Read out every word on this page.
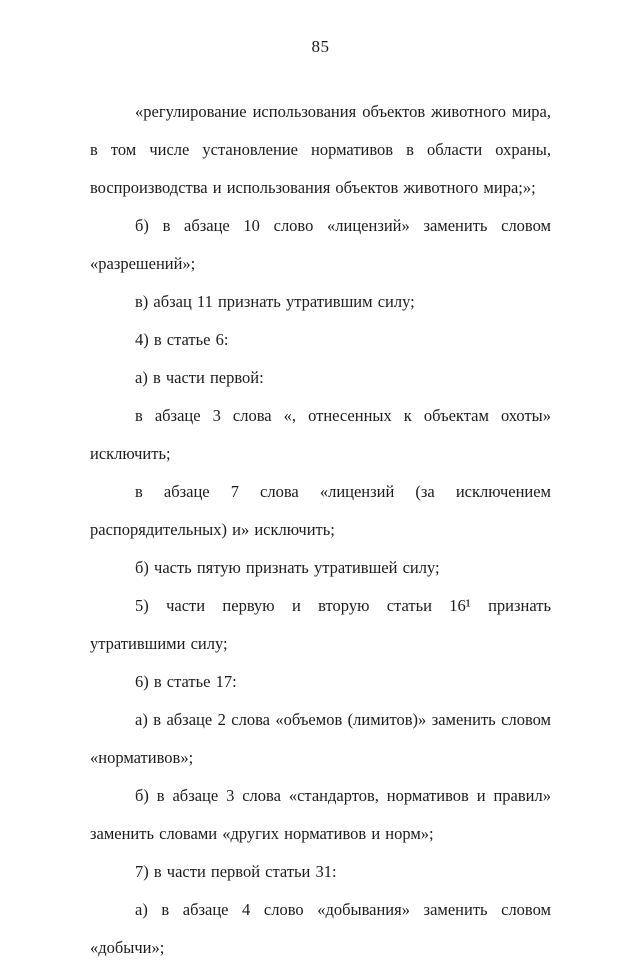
85

«регулирование использования объектов животного мира, в том числе установление нормативов в области охраны, воспроизводства и использования объектов животного мира;»;

б) в абзаце 10 слово «лицензий» заменить словом «разрешений»;

в) абзац 11 признать утратившим силу;

4) в статье 6:

а) в части первой:

в абзаце 3 слова «, отнесенных к объектам охоты» исключить;

в абзаце 7 слова «лицензий (за исключением распорядительных) и» исключить;

б) часть пятую признать утратившей силу;

5) части первую и вторую статьи 16¹ признать утратившими силу;

6) в статье 17:

а) в абзаце 2 слова «объемов (лимитов)» заменить словом «нормативов»;

б) в абзаце 3 слова «стандартов, нормативов и правил» заменить словами «других нормативов и норм»;

7) в части первой статьи 31:

а) в абзаце 4 слово «добывания» заменить словом «добычи»;
